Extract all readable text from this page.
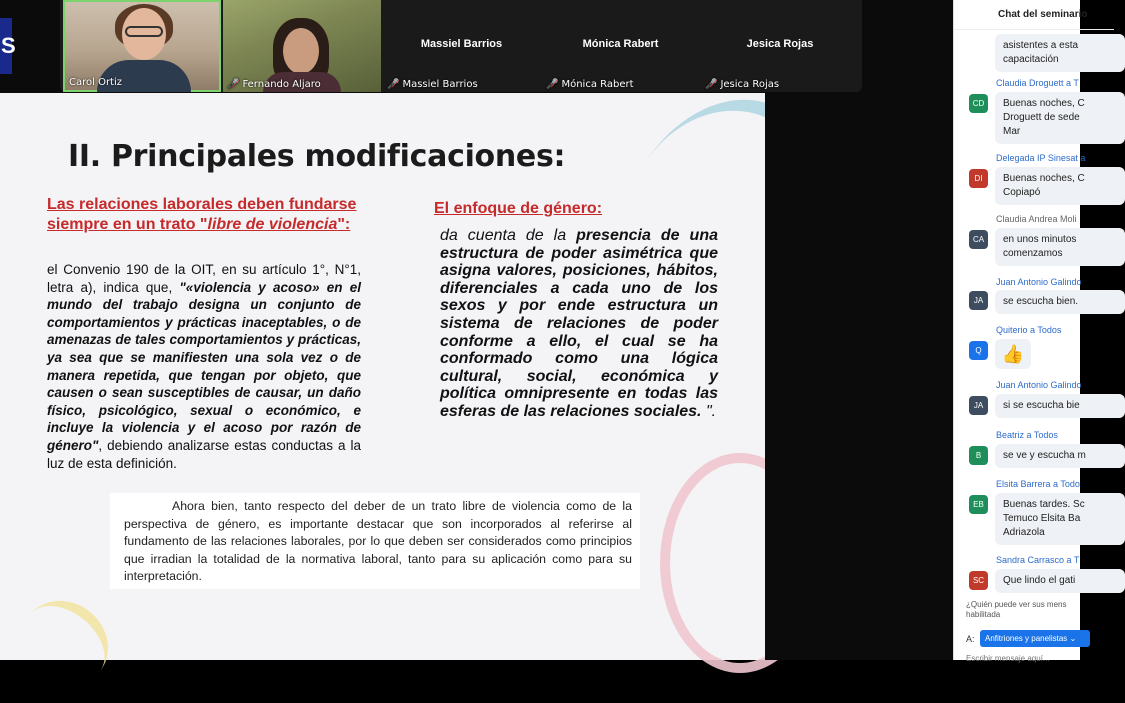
S
Carol Ortiz	🎤̸ Fernando Aljaro
Massiel Barrios
🎤̸ Massiel Barrios
Mónica Rabert
🎤̸ Mónica Rabert
Jesica Rojas
🎤̸ Jesica Rojas
II. Principales modificaciones:
Las relaciones laborales deben fundarse siempre en un trato "libre de violencia":
el Convenio 190 de la OIT, en su artículo 1°, N°1, letra a), indica que, "«violencia y acoso» en el mundo del trabajo designa un conjunto de comportamientos y prácticas inaceptables, o de amenazas de tales comportamientos y prácticas, ya sea que se manifiesten una sola vez o de manera repetida, que tengan por objeto, que causen o sean susceptibles de causar, un daño físico, psicológico, sexual o económico, e incluye la violencia y el acoso por razón de género", debiendo analizarse estas conductas a la luz de esta definición.
El enfoque de género:
da cuenta de la presencia de una estructura de poder asimétrica que asigna valores, posiciones, hábitos, diferenciales a cada uno de los sexos y por ende estructura un sistema de relaciones de poder conforme a ello, el cual se ha conformado como una lógica cultural, social, económica y política omnipresente en todas las esferas de las relaciones sociales. ".
Ahora bien, tanto respecto del deber de un trato libre de violencia como de la perspectiva de género, es importante destacar que son incorporados al referirse al fundamento de las relaciones laborales, por lo que deben ser considerados como principios que irradian la totalidad de la normativa laboral, tanto para su aplicación como para su interpretación.
Chat del seminario
asistentes a esta
capacitación
Claudia Droguett a T
CD	Buenas noches, C
Droguett de sede
Mar
Delegada IP Sinesat a
DI	Buenas noches, C
Copiapó
Claudia Andrea Moli
CA	en unos minutos
comenzamos
Juan Antonio Galindo
JA	se escucha bien.
Quiterio a Todos
Q	👍
Juan Antonio Galindo
JA	si se escucha bie
Beatriz a Todos
B	se ve y escucha m
Elsita Barrera a Todo
EB	Buenas tardes. Sc
Temuco Elsita Ba
Adriazola
Sandra Carrasco a T
SC	Que lindo el gati
¿Quién puede ver sus mens habilitada
A:	Anfitriones y panelistas ⌄
Escribir mensaje aquí...
